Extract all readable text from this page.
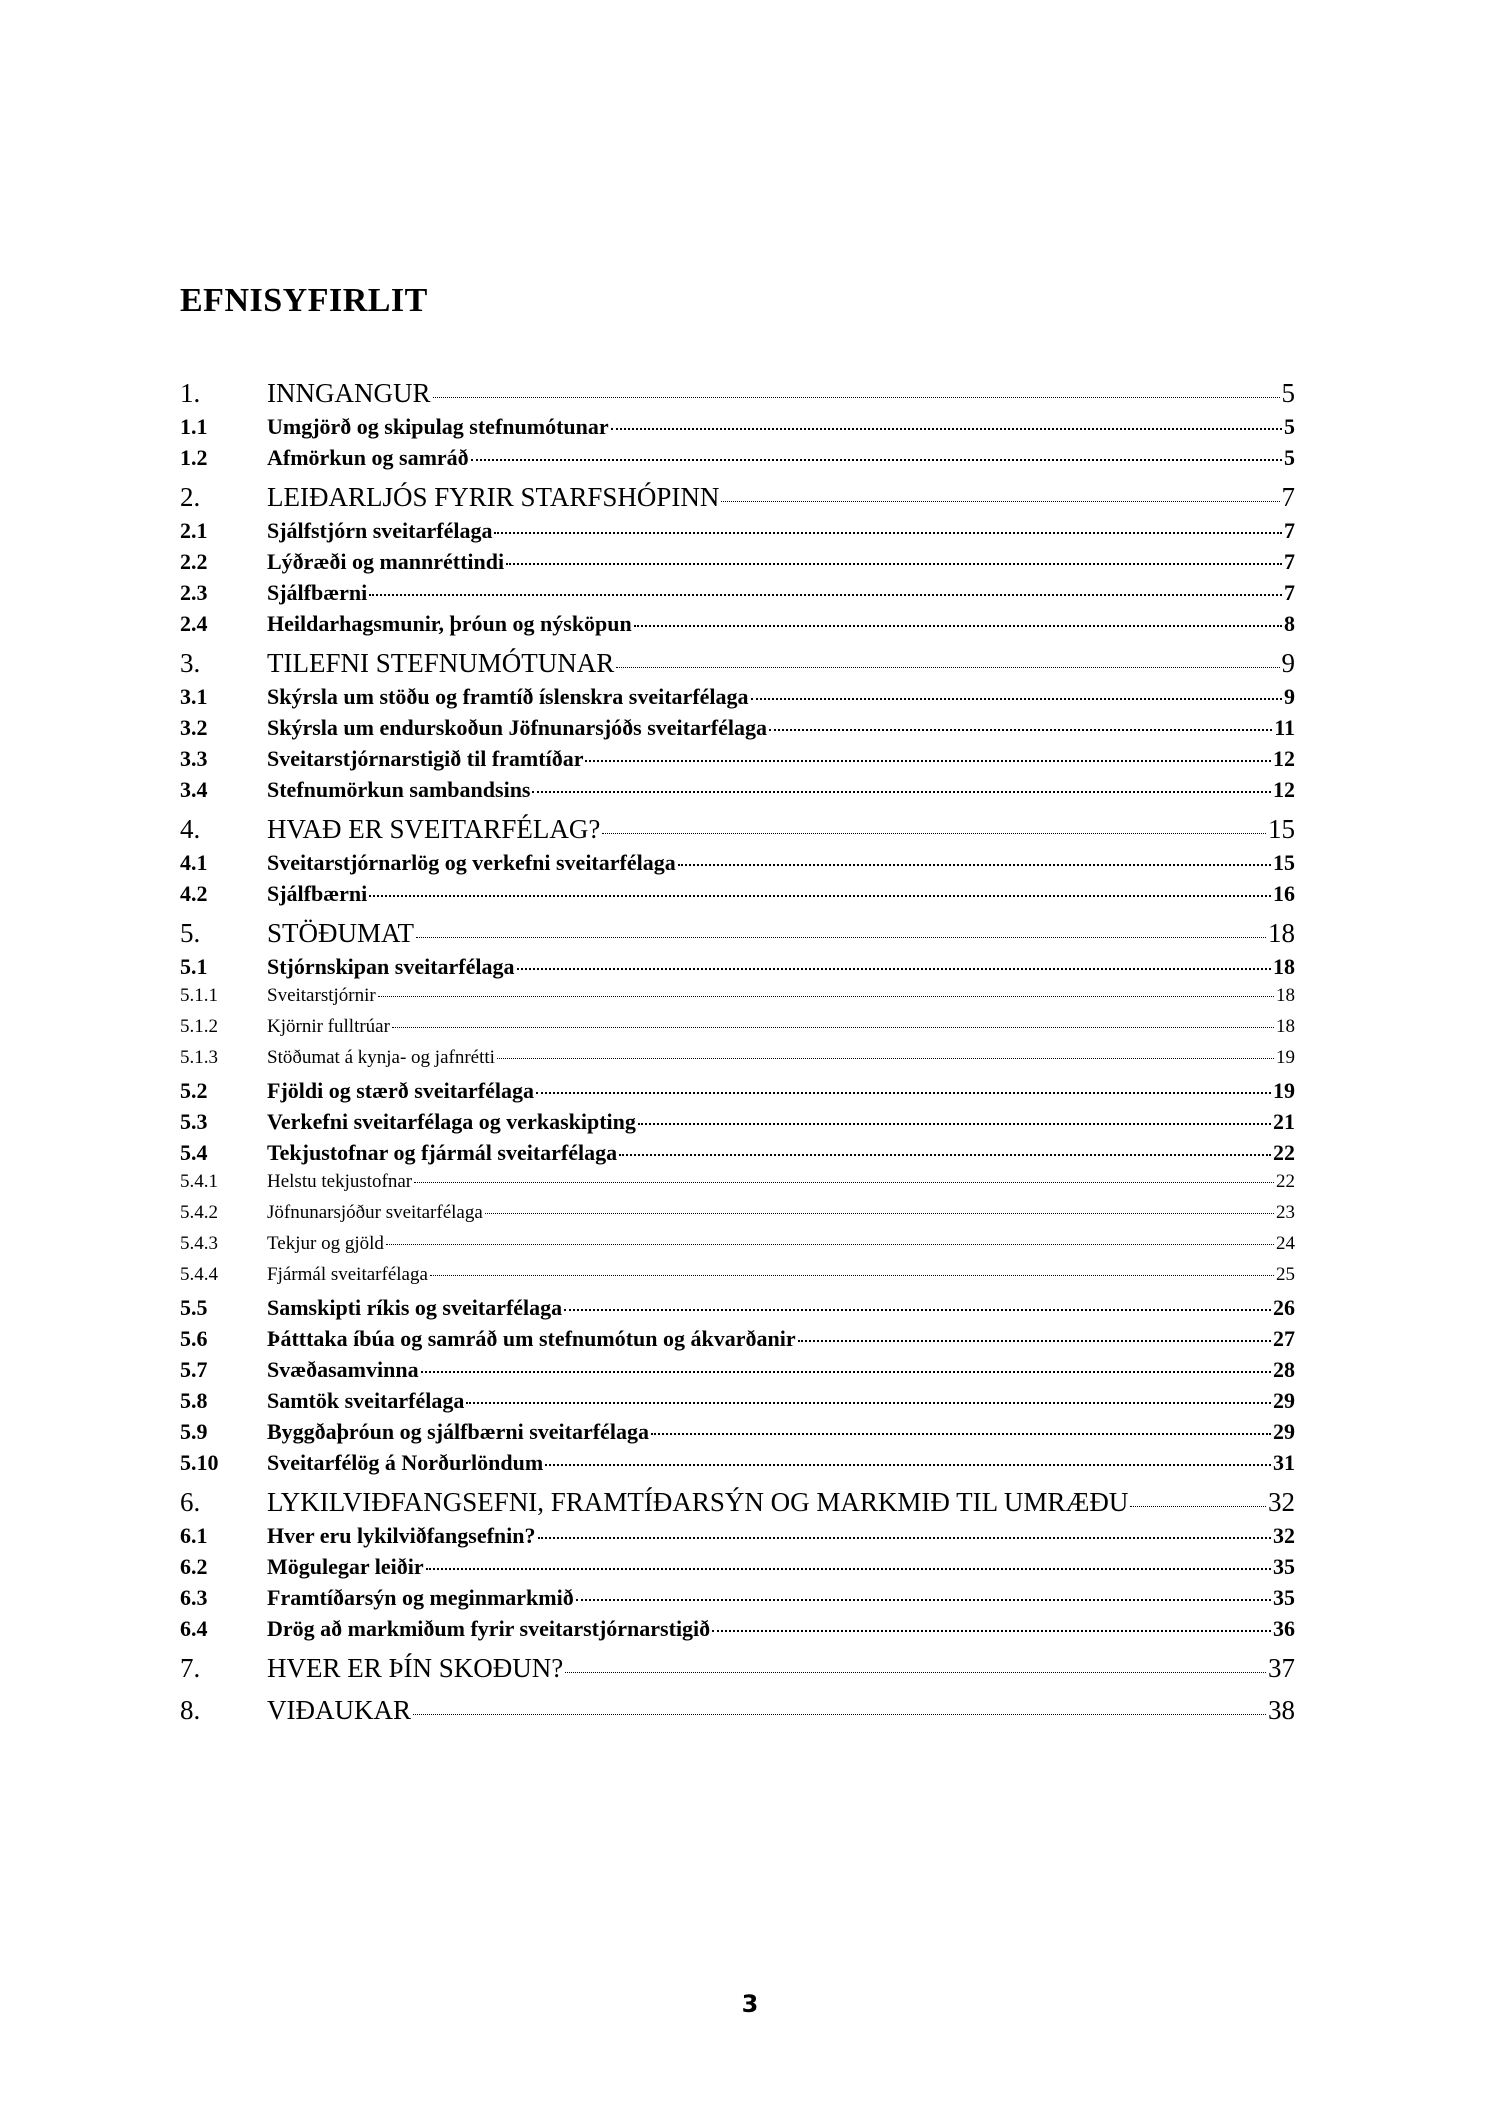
EFNISYFIRLIT
1.	INNGANGUR	5
1.1	Umgjörð og skipulag stefnumótunar	5
1.2	Afmörkun og samráð	5
2.	LEIÐARLJÓS FYRIR STARFSHÓPINN	7
2.1	Sjálfstjórn sveitarfélaga	7
2.2	Lýðræði og mannréttindi	7
2.3	Sjálfbærni	7
2.4	Heildarhagsmunir, þróun og nýsköpun	8
3.	TILEFNI STEFNUMÓTUNAR	9
3.1	Skýrsla um stöðu og framtíð íslenskra sveitarfélaga	9
3.2	Skýrsla um endurskoðun Jöfnunarsjóðs sveitarfélaga	11
3.3	Sveitarstjórnarstigið til framtíðar	12
3.4	Stefnumörkun sambandsins	12
4.	HVAÐ ER SVEITARFÉLAG?	15
4.1	Sveitarstjórnarlög og verkefni sveitarfélaga	15
4.2	Sjálfbærni	16
5.	STÖÐUMAT	18
5.1	Stjórnskipan sveitarfélaga	18
5.1.1	Sveitarstjórnir	18
5.1.2	Kjörnir fulltrúar	18
5.1.3	Stöðumat á kynja- og jafnrétti	19
5.2	Fjöldi og stærð sveitarfélaga	19
5.3	Verkefni sveitarfélaga og verkaskipting	21
5.4	Tekjustofnar og fjármál sveitarfélaga	22
5.4.1	Helstu tekjustofnar	22
5.4.2	Jöfnunarsjóður sveitarfélaga	23
5.4.3	Tekjur og gjöld	24
5.4.4	Fjármál sveitarfélaga	25
5.5	Samskipti ríkis og sveitarfélaga	26
5.6	Þátttaka íbúa og samráð um stefnumótun og ákvarðanir	27
5.7	Svæðasamvinna	28
5.8	Samtök sveitarfélaga	29
5.9	Byggðaþróun og sjálfbærni sveitarfélaga	29
5.10	Sveitarfélög á Norðurlöndum	31
6.	LYKILVIÐFANGSEFNI, FRAMTÍÐARSÝN OG MARKMIÐ TIL UMRÆÐU	32
6.1	Hver eru lykilviðfangsefnin?	32
6.2	Mögulegar leiðir	35
6.3	Framtíðarsýn og meginmarkmið	35
6.4	Drög að markmiðum fyrir sveitarstjórnarstigið	36
7.	HVER ER ÞÍN SKOÐUN?	37
8.	VIÐAUKAR	38
3
